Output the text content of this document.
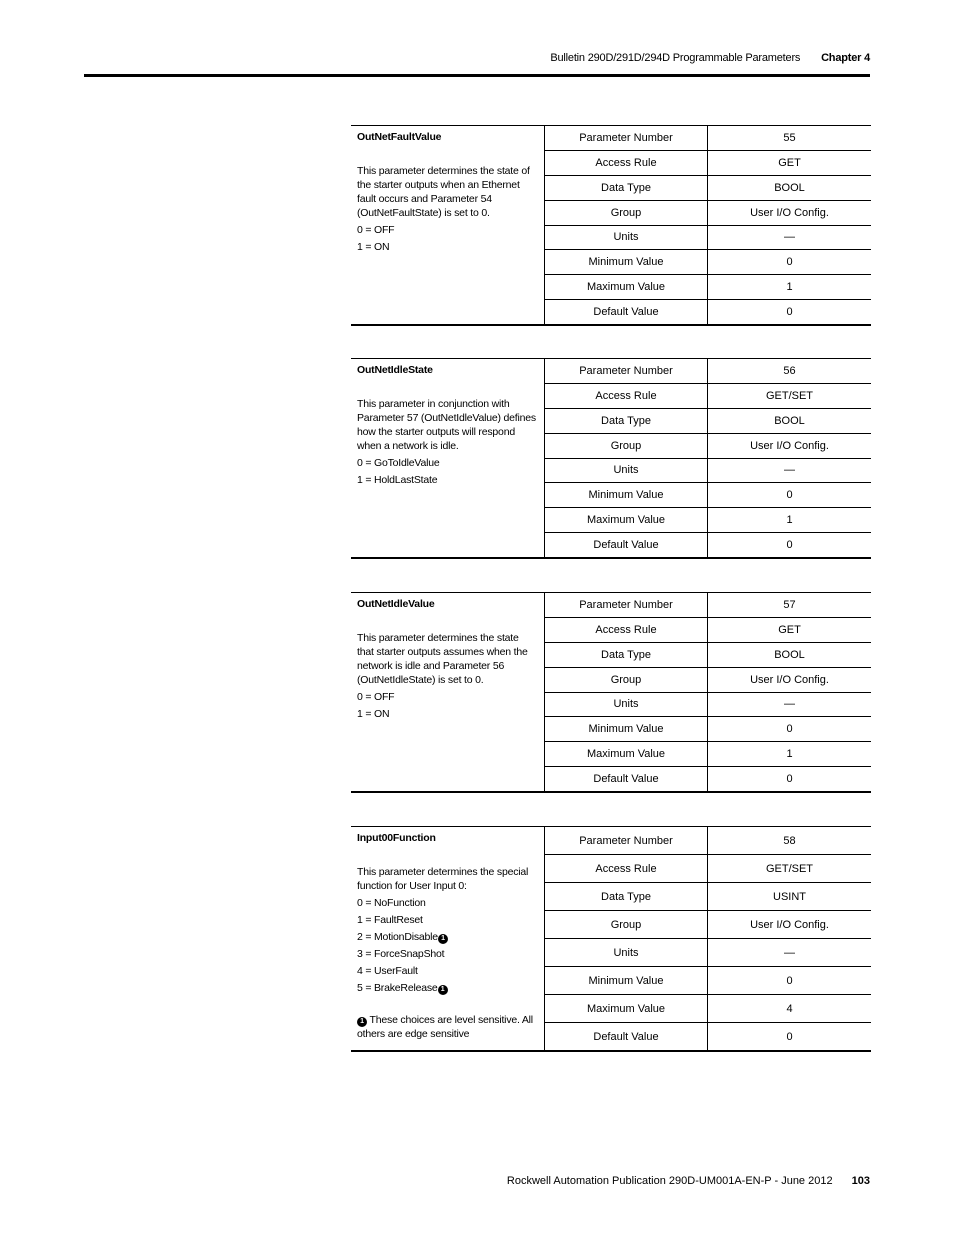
Bulletin 290D/291D/294D Programmable Parameters Chapter 4
OutNetFaultValue

This parameter determines the state of the starter outputs when an Ethernet fault occurs and Parameter 54 (OutNetFaultState) is set to 0.

0 = OFF
1 = ON
Parameter Number	55
Access Rule	GET
Data Type	BOOL
Group	User I/O Config.
Units	—
Minimum Value	0
Maximum Value	1
Default Value	0
OutNetIdleState

This parameter in conjunction with Parameter 57 (OutNetIdleValue) defines how the starter outputs will respond when a network is idle.

0 = GoToIdleValue
1 = HoldLastState
Parameter Number	56
Access Rule	GET/SET
Data Type	BOOL
Group	User I/O Config.
Units	—
Minimum Value	0
Maximum Value	1
Default Value	0
OutNetIdleValue

This parameter determines the state that starter outputs assumes when the network is idle and Parameter 56 (OutNetIdleState) is set to 0.

0 = OFF
1 = ON
Parameter Number	57
Access Rule	GET
Data Type	BOOL
Group	User I/O Config.
Units	—
Minimum Value	0
Maximum Value	1
Default Value	0
Input00Function

This parameter determines the special function for User Input 0:

0 = NoFunction
1 = FaultReset
2 = MotionDisable 1
3 = ForceSnapShot
4 = UserFault
5 = BrakeRelease 1
1 These choices are level sensitive. All others are edge sensitive
Parameter Number	58
Access Rule	GET/SET
Data Type	USINT
Group	User I/O Config.
Units	—
Minimum Value	0
Maximum Value	4
Default Value	0
Rockwell Automation Publication 290D-UM001A-EN-P - June 2012 103
